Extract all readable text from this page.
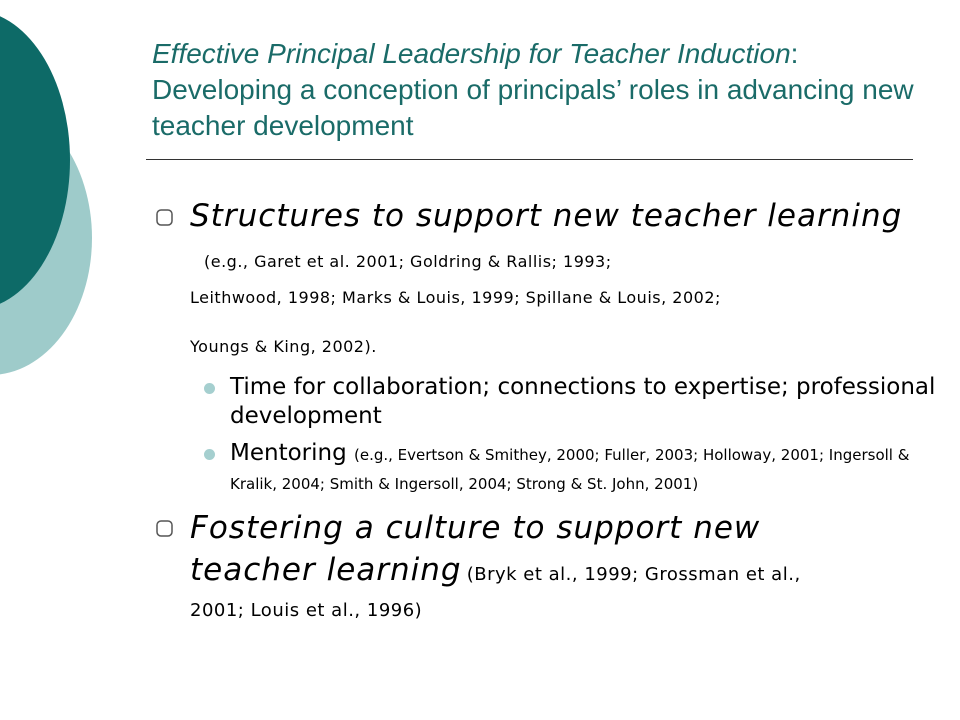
Effective Principal Leadership for Teacher Induction: Developing a conception of principals’ roles in advancing new teacher development
Structures to support new teacher learning (e.g., Garet et al. 2001; Goldring & Rallis; 1993;
Leithwood, 1998; Marks & Louis, 1999; Spillane & Louis, 2002;
Youngs & King, 2002).
Time for collaboration; connections to expertise; professional development
Mentoring (e.g., Evertson & Smithey, 2000; Fuller, 2003; Holloway, 2001; Ingersoll & Kralik, 2004; Smith & Ingersoll, 2004; Strong & St. John, 2001)
Fostering a culture to support new
teacher learning (Bryk et al., 1999; Grossman et al.,
2001; Louis et al., 1996)
